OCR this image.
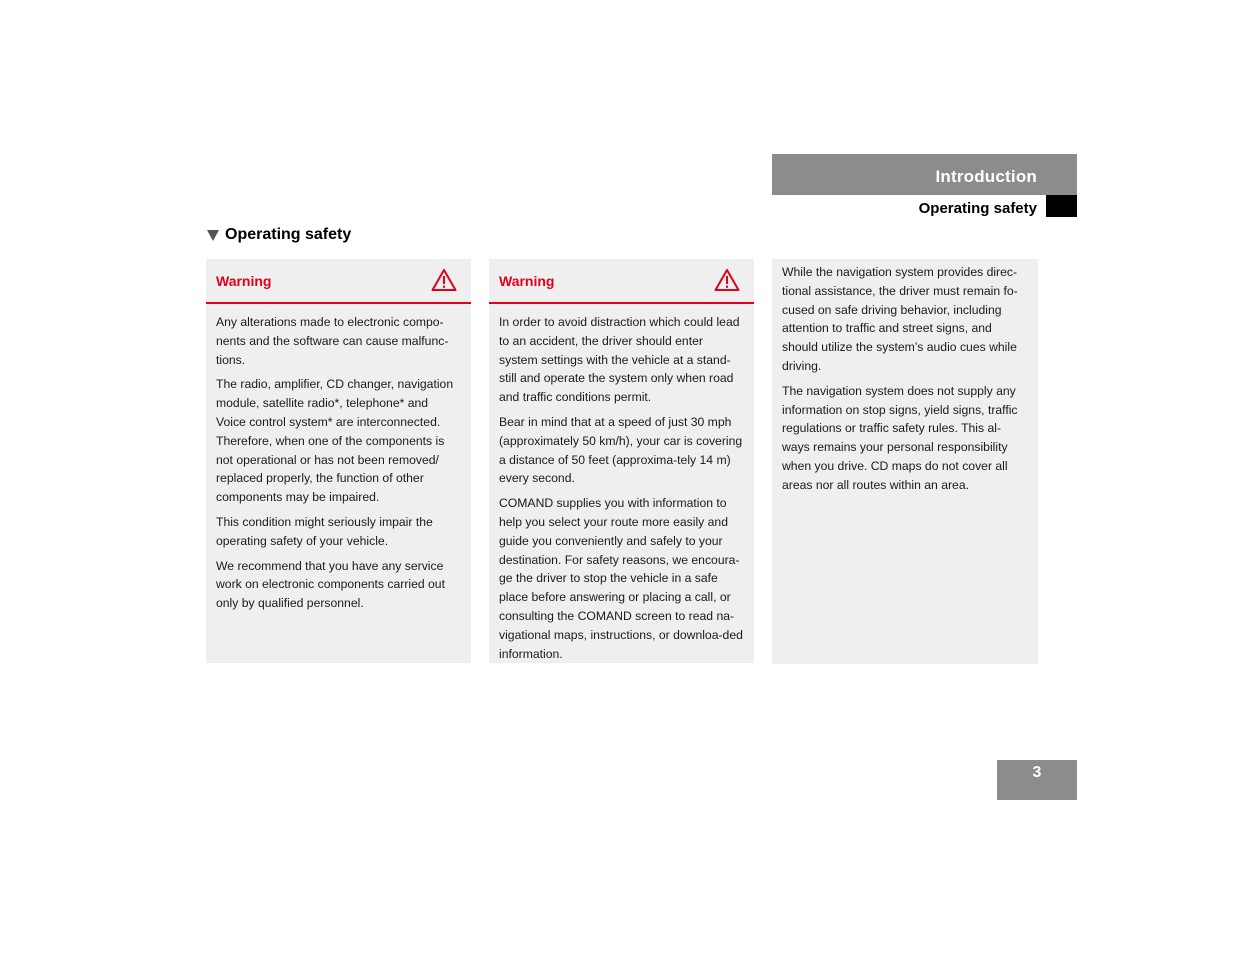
Introduction
Operating safety
Operating safety
Warning

Any alterations made to electronic compo-nents and the software can cause malfunc-tions.

The radio, amplifier, CD changer, navigation module, satellite radio*, telephone* and Voice control system* are interconnected. Therefore, when one of the components is not operational or has not been removed/ replaced properly, the function of other components may be impaired.

This condition might seriously impair the operating safety of your vehicle.

We recommend that you have any service work on electronic components carried out only by qualified personnel.

Warning

In order to avoid distraction which could lead to an accident, the driver should enter system settings with the vehicle at a stand-still and operate the system only when road and traffic conditions permit.

Bear in mind that at a speed of just 30 mph (approximately 50 km/h), your car is covering a distance of 50 feet (approxima-tely 14 m) every second.

COMAND supplies you with information to help you select your route more easily and guide you conveniently and safely to your destination. For safety reasons, we encoura-ge the driver to stop the vehicle in a safe place before answering or placing a call, or consulting the COMAND screen to read na-vigational maps, instructions, or downloa-ded information.

While the navigation system provides direc-tional assistance, the driver must remain fo-cused on safe driving behavior, including attention to traffic and street signs, and should utilize the system’s audio cues while driving.

The navigation system does not supply any information on stop signs, yield signs, traffic regulations or traffic safety rules. This al-ways remains your personal responsibility when you drive. CD maps do not cover all areas nor all routes within an area.

3
